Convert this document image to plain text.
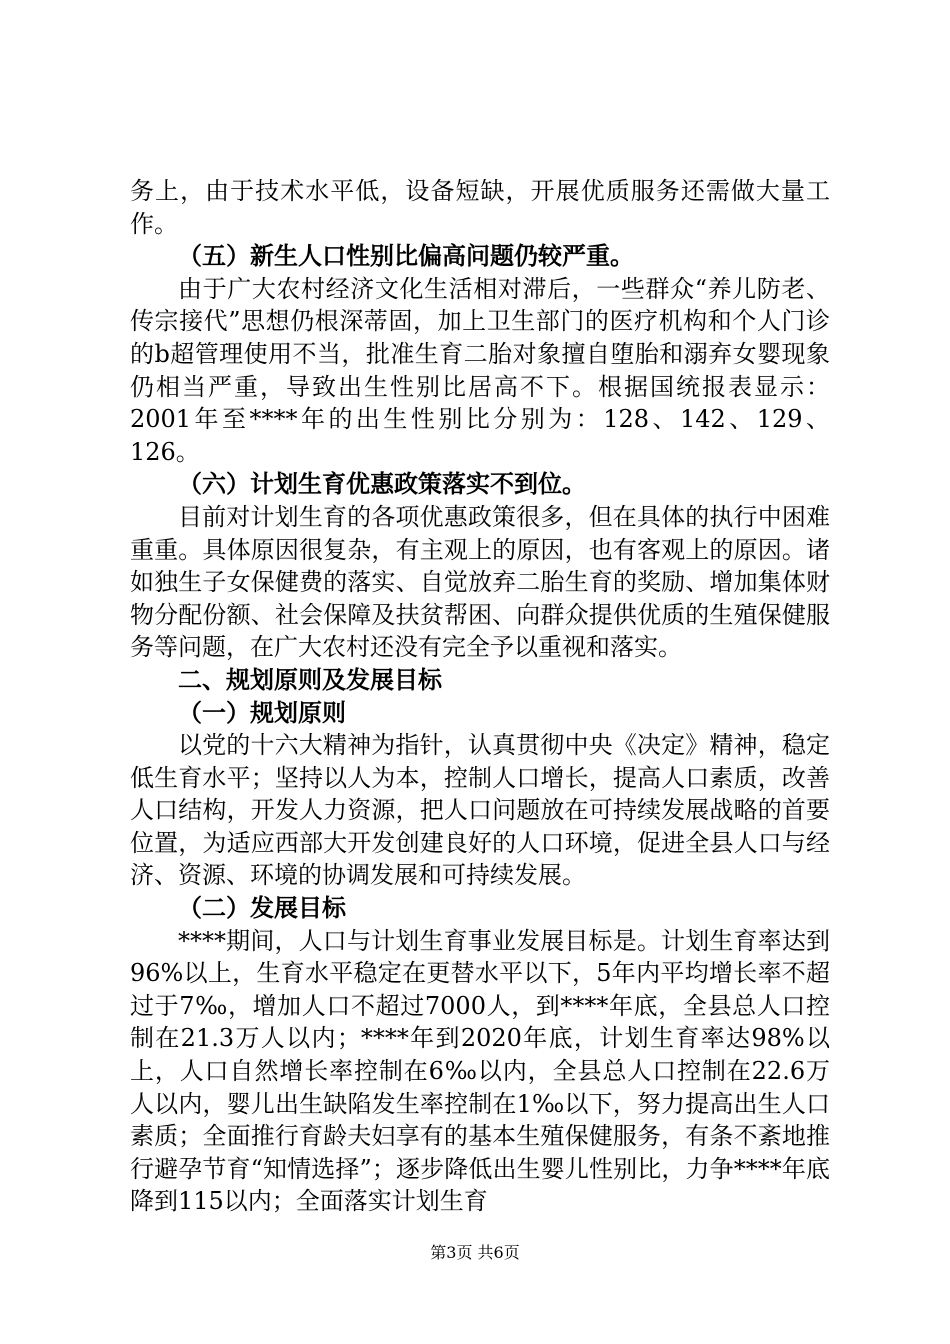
务上，由于技术水平低，设备短缺，开展优质服务还需做大量工作。

（五）新生人口性别比偏高问题仍较严重。

由于广大农村经济文化生活相对滞后，一些群众“养儿防老、传宗接代”思想仍根深蒂固，加上卫生部门的医疗机构和个人门诊的b超管理使用不当，批准生育二胎对象擅自堕胎和溺弃女婴现象仍相当严重，导致出生性别比居高不下。根据国统报表显示：2001年至****年的出生性别比分别为：128、142、129、126。

（六）计划生育优惠政策落实不到位。

目前对计划生育的各项优惠政策很多，但在具体的执行中困难重重。具体原因很复杂，有主观上的原因，也有客观上的原因。诸如独生子女保健费的落实、自觉放弃二胎生育的奖励、增加集体财物分配份额、社会保障及扶贫帮困、向群众提供优质的生殖保健服务等问题，在广大农村还没有完全予以重视和落实。

二、规划原则及发展目标

（一）规划原则

以党的十六大精神为指针，认真贯彻中央《决定》精神，稳定低生育水平；坚持以人为本，控制人口增长，提高人口素质，改善人口结构，开发人力资源，把人口问题放在可持续发展战略的首要位置，为适应西部大开发创建良好的人口环境，促进全县人口与经济、资源、环境的协调发展和可持续发展。

（二）发展目标

****期间，人口与计划生育事业发展目标是。计划生育率达到96%以上，生育水平稳定在更替水平以下，5年内平均增长率不超过于7‰，增加人口不超过7000人，到****年底，全县总人口控制在21.3万人以内；****年到2020年底，计划生育率达98%以上，人口自然增长率控制在6‰以内，全县总人口控制在22.6万人以内，婴儿出生缺陷发生率控制在1‰以下，努力提高出生人口素质；全面推行育龄夫妇享有的基本生殖保健服务，有条不紊地推行避孕节育“知情选择”；逐步降低出生婴儿性别比，力争****年底降到115以内；全面落实计划生育

第3页 共6页
